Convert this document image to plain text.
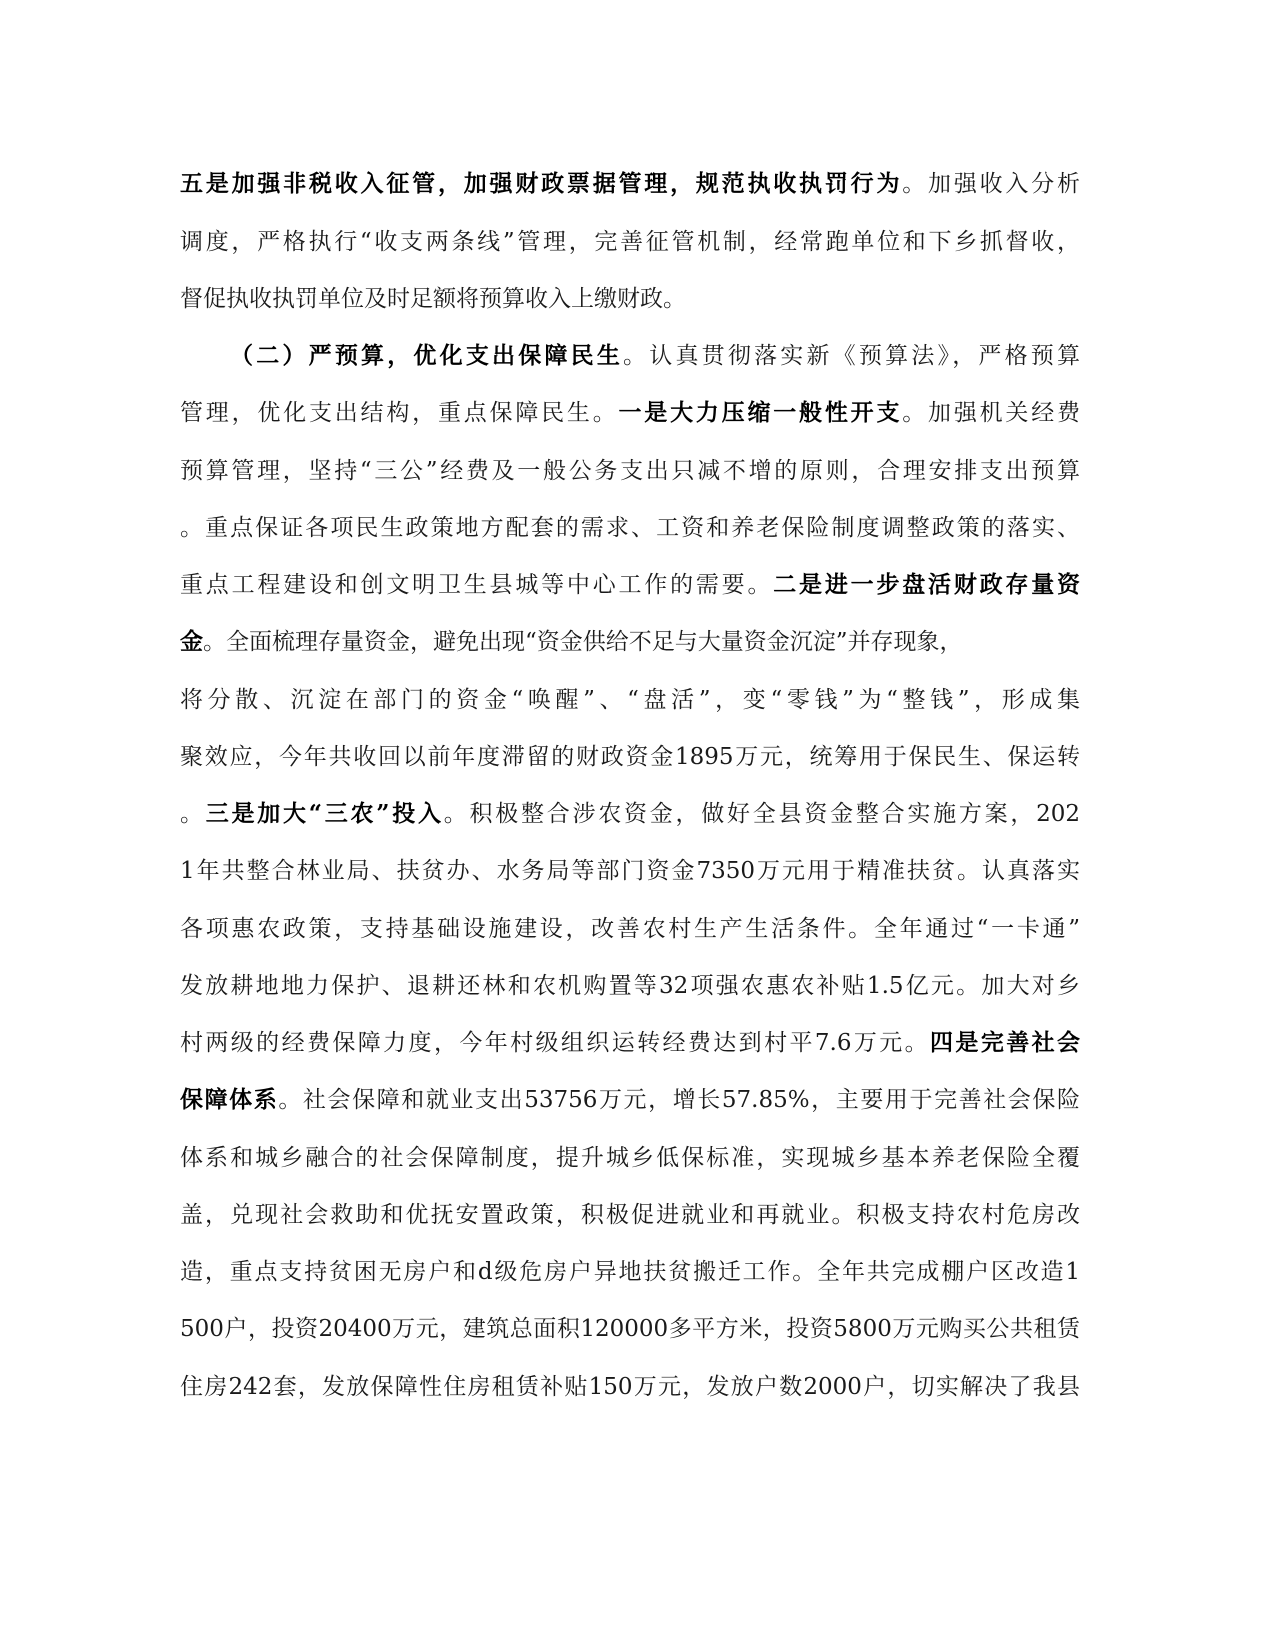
五是加强非税收入征管，加强财政票据管理，规范执收执罚行为。加强收入分析
调度，严格执行“收支两条线”管理，完善征管机制，经常跑单位和下乡抓督收，
督促执收执罚单位及时足额将预算收入上缴财政。
（二）严预算，优化支出保障民生。认真贯彻落实新《预算法》，严格预算
管理，优化支出结构，重点保障民生。一是大力压缩一般性开支。加强机关经费
预算管理，坚持“三公”经费及一般公务支出只减不增的原则，合理安排支出预算
。重点保证各项民生政策地方配套的需求、工资和养老保险制度调整政策的落实、
重点工程建设和创文明卫生县城等中心工作的需要。二是进一步盘活财政存量资
金。全面梳理存量资金，避免出现“资金供给不足与大量资金沉淀”并存现象，
将分散、沉淀在部门的资金“唤醒”、“盘活”，变“零钱”为“整钱”，形成集
聚效应，今年共收回以前年度滞留的财政资金1895万元，统筹用于保民生、保运转
。三是加大“三农”投入。积极整合涉农资金，做好全县资金整合实施方案，202
1年共整合林业局、扶贫办、水务局等部门资金7350万元用于精准扶贫。认真落实
各项惠农政策，支持基础设施建设，改善农村生产生活条件。全年通过“一卡通”
发放耕地地力保护、退耕还林和农机购置等32项强农惠农补贴1.5亿元。加大对乡
村两级的经费保障力度，今年村级组织运转经费达到村平7.6万元。四是完善社会
保障体系。社会保障和就业支出53756万元，增长57.85%，主要用于完善社会保险
体系和城乡融合的社会保障制度，提升城乡低保标准，实现城乡基本养老保险全覆
盖，兑现社会救助和优抚安置政策，积极促进就业和再就业。积极支持农村危房改
造，重点支持贫困无房户和d级危房户异地扶贫搬迁工作。全年共完成棚户区改造1
500户，投资20400万元，建筑总面积120000多平方米，投资5800万元购买公共租赁
住房242套，发放保障性住房租赁补贴150万元，发放户数2000户，切实解决了我县
